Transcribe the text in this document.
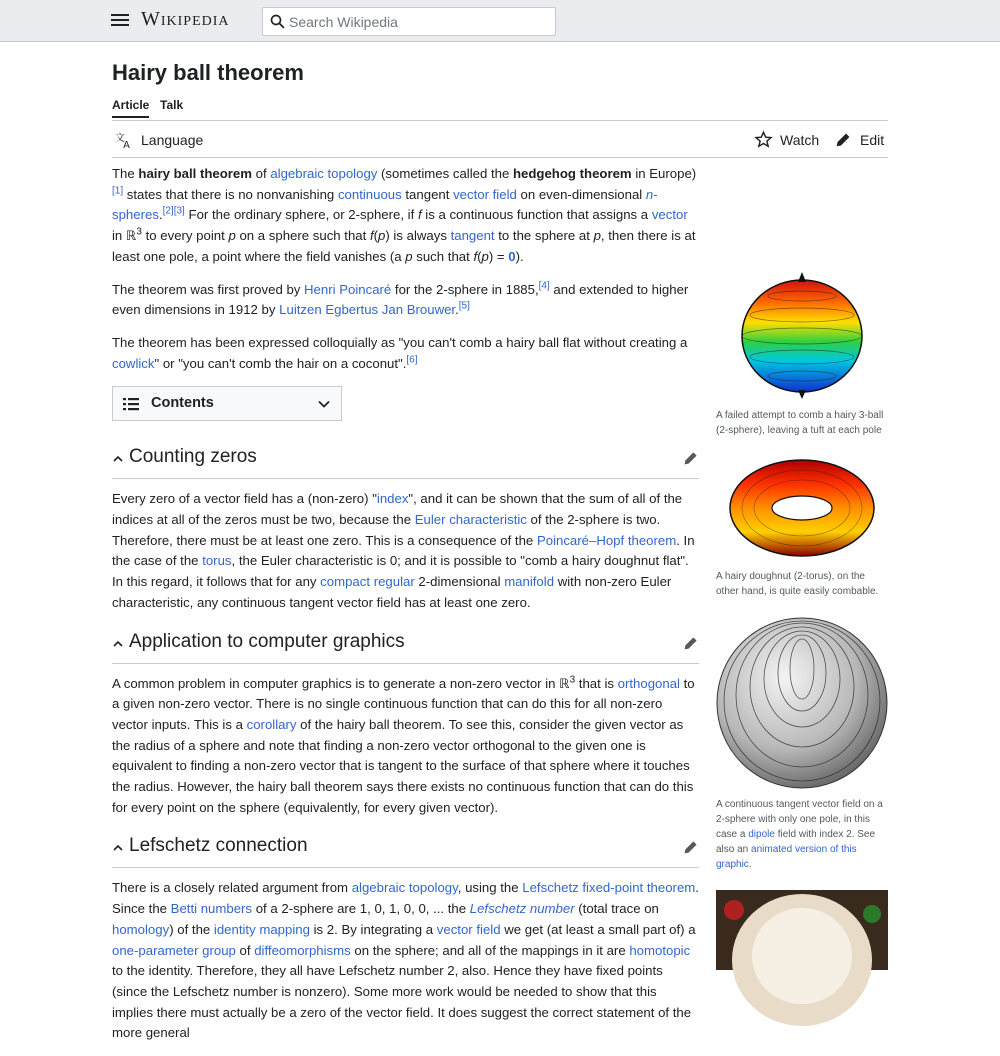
Wikipedia
Search Wikipedia
Hairy ball theorem
Article Talk
文
A Language	Watch	Edit

The hairy ball theorem of algebraic topology (sometimes called the hedgehog theorem in Europe)[1] states that there is no nonvanishing continuous tangent vector field on even-dimensional n-spheres.[2][3] For the ordinary sphere, or 2‑sphere, if f is a continuous function that assigns a vector in ℝ$^3$ to every point p on a sphere such that f(p) is always tangent to the sphere at p, then there is at least one pole, a point where the field vanishes (a p such that f(p) = 0).

The theorem was first proved by Henri Poincaré for the 2-sphere in 1885,[4] and extended to higher even dimensions in 1912 by Luitzen Egbertus Jan Brouwer.[5]

The theorem has been expressed colloquially as "you can't comb a hairy ball flat without creating a cowlick" or "you can't comb the hair on a coconut".[6]

Contents
Counting zeros

Every zero of a vector field has a (non-zero) "index", and it can be shown that the sum of all of the indices at all of the zeros must be two, because the Euler characteristic of the 2-sphere is two. Therefore, there must be at least one zero. This is a consequence of the Poincaré–Hopf theorem. In the case of the torus, the Euler characteristic is 0; and it is possible to "comb a hairy doughnut flat". In this regard, it follows that for any compact regular 2-dimensional manifold with non-zero Euler characteristic, any continuous tangent vector field has at least one zero.

Application to computer graphics

A common problem in computer graphics is to generate a non-zero vector in ℝ$^3$ that is orthogonal to a given non-zero vector. There is no single continuous function that can do this for all non-zero vector inputs. This is a corollary of the hairy ball theorem. To see this, consider the given vector as the radius of a sphere and note that finding a non-zero vector orthogonal to the given one is equivalent to finding a non-zero vector that is tangent to the surface of that sphere where it touches the radius. However, the hairy ball theorem says there exists no continuous function that can do this for every point on the sphere (equivalently, for every given vector).

Lefschetz connection

There is a closely related argument from algebraic topology, using the Lefschetz fixed-point theorem. Since the Betti numbers of a 2-sphere are 1, 0, 1, 0, 0, ... the Lefschetz number (total trace on homology) of the identity mapping is 2. By integrating a vector field we get (at least a small part of) a one-parameter group of diffeomorphisms on the sphere; and all of the mappings in it are homotopic to the identity. Therefore, they all have Lefschetz number 2, also. Hence they have fixed points (since the Lefschetz number is nonzero). Some more work would be needed to show that this implies there must actually be a zero of the vector field. It does suggest the correct statement of the more general

A failed attempt to comb a hairy 3-ball (2-sphere), leaving a tuft at each pole
A hairy doughnut (2-torus), on the other hand, is quite easily combable.
A continuous tangent vector field on a 2-sphere with only one pole, in this case a dipole field with index 2. See also an animated version of this graphic.
